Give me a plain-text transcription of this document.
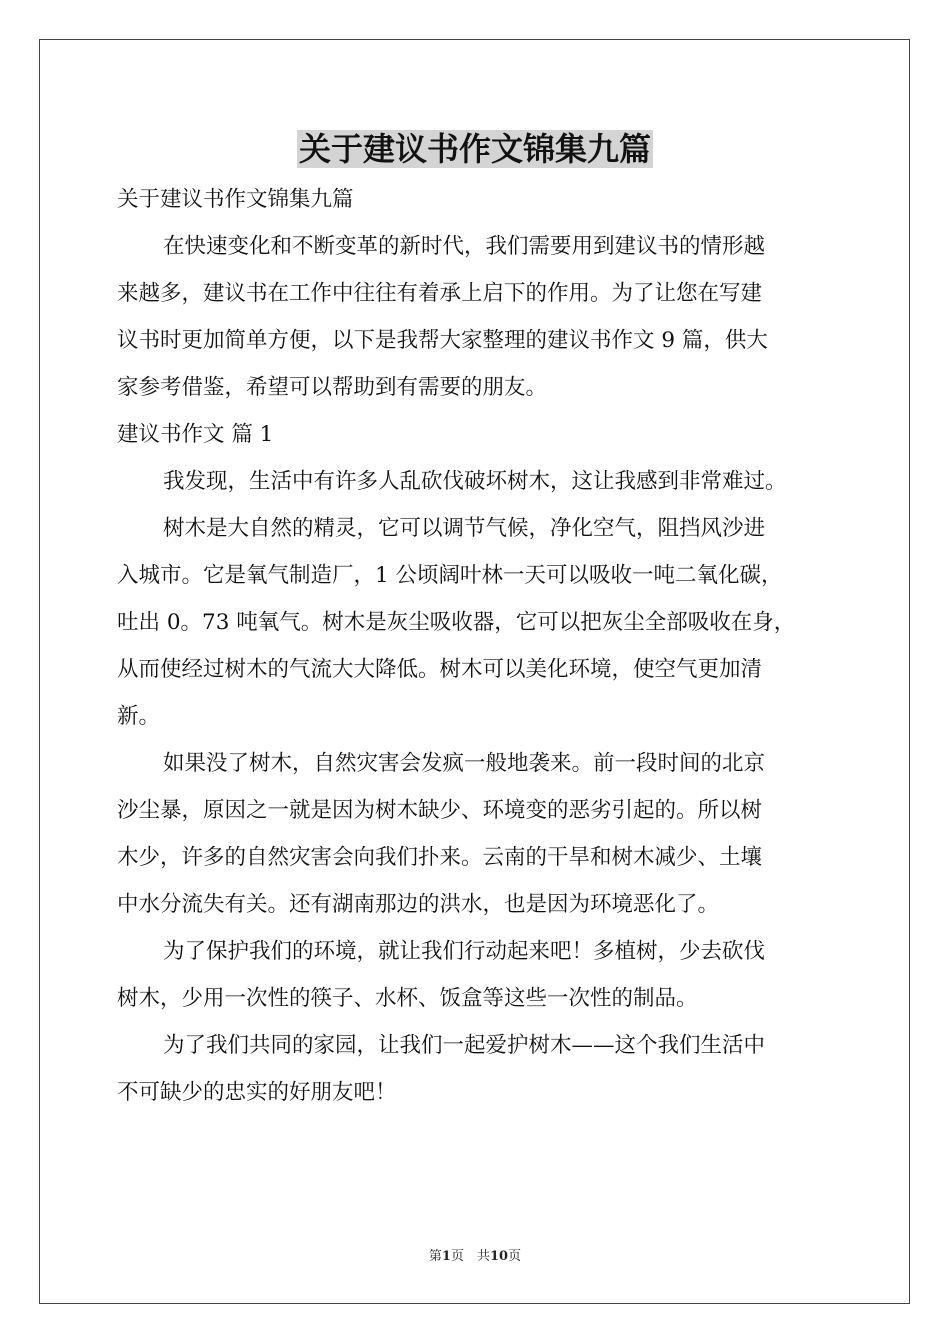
关于建议书作文锦集九篇

关于建议书作文锦集九篇

在快速变化和不断变革的新时代，我们需要用到建议书的情形越

来越多，建议书在工作中往往有着承上启下的作用。为了让您在写建

议书时更加简单方便，以下是我帮大家整理的建议书作文 9 篇，供大

家参考借鉴，希望可以帮助到有需要的朋友。

建议书作文 篇 1

我发现，生活中有许多人乱砍伐破坏树木，这让我感到非常难过。

树木是大自然的精灵，它可以调节气候，净化空气，阻挡风沙进

入城市。它是氧气制造厂，1 公顷阔叶林一天可以吸收一吨二氧化碳，

吐出 0。73 吨氧气。树木是灰尘吸收器，它可以把灰尘全部吸收在身，

从而使经过树木的气流大大降低。树木可以美化环境，使空气更加清

新。

如果没了树木，自然灾害会发疯一般地袭来。前一段时间的北京

沙尘暴，原因之一就是因为树木缺少、环境变的恶劣引起的。所以树

木少，许多的自然灾害会向我们扑来。云南的干旱和树木减少、土壤

中水分流失有关。还有湖南那边的洪水，也是因为环境恶化了。

为了保护我们的环境，就让我们行动起来吧！多植树，少去砍伐

树木，少用一次性的筷子、水杯、饭盒等这些一次性的制品。

为了我们共同的家园，让我们一起爱护树木——这个我们生活中

不可缺少的忠实的好朋友吧！

第1页　共10页
